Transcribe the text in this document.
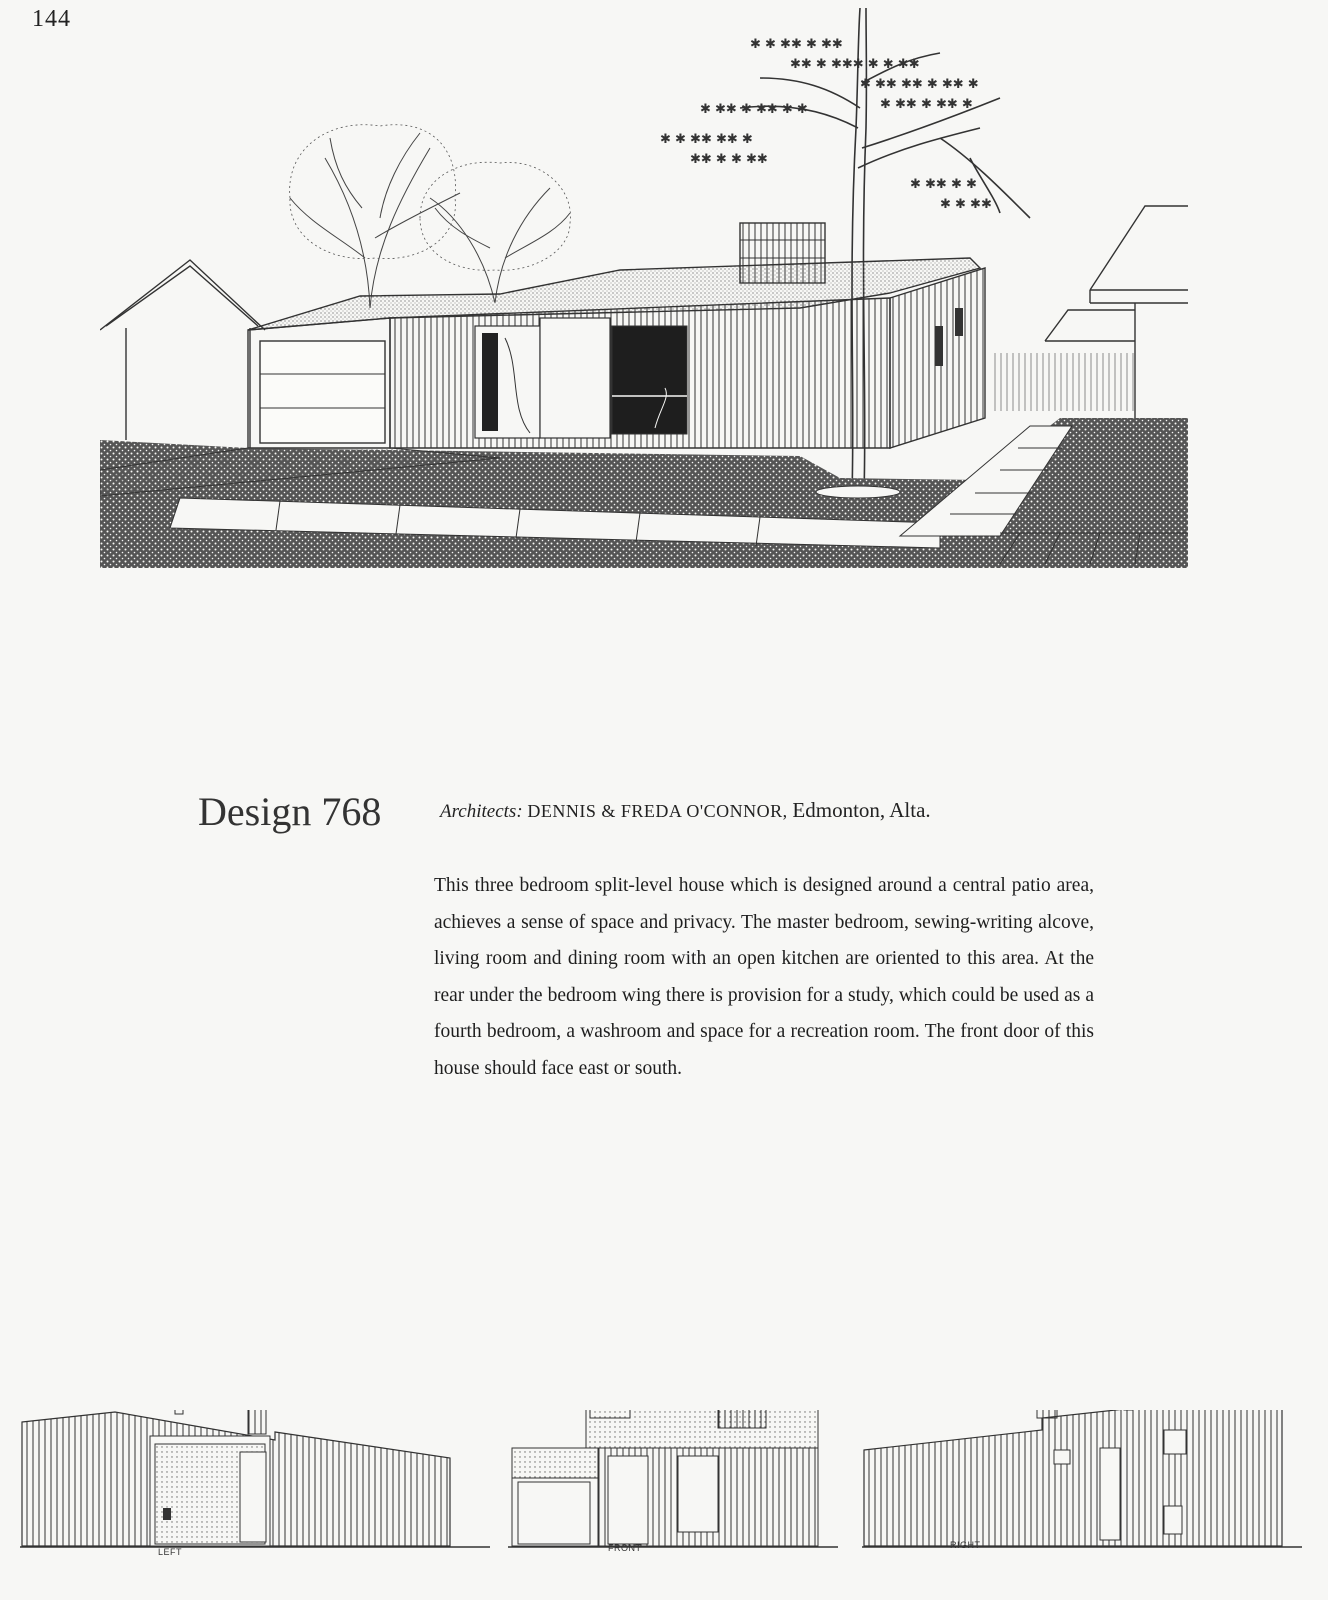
144
✱ ✱ ✱✱ ✱ ✱✱
✱✱ ✱ ✱✱✱ ✱ ✱ ✱✱
✱ ✱✱ ✱✱ ✱ ✱✱ ✱
✱ ✱✱ ✱ ✱✱ ✱ ✱
✱ ✱ ✱✱ ✱✱ ✱
✱✱ ✱ ✱ ✱✱
✱ ✱✱ ✱ ✱✱ ✱
✱ ✱✱ ✱ ✱
✱ ✱ ✱✱
Design 768	Architects: DENNIS & FREDA O'CONNOR, Edmonton, Alta.
This three bedroom split-level house which is designed around a central patio area, achieves a sense of space and privacy. The master bedroom, sewing-writing alcove, living room and dining room with an open kitchen are oriented to this area. At the rear under the bedroom wing there is provision for a study, which could be used as a fourth bedroom, a washroom and space for a recreation room. The front door of this house should face east or south.
LEFT	FRONT	RIGHT
